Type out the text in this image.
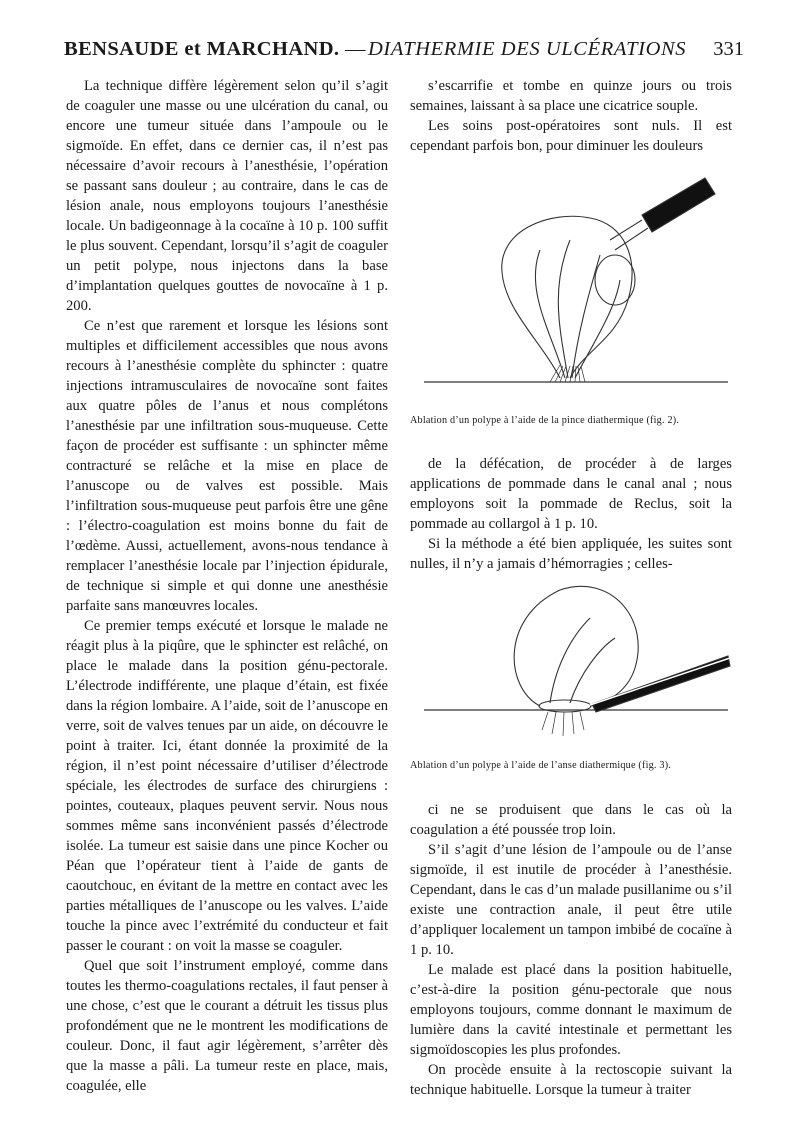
BENSAUDE et MARCHAND. — DIATHERMIE DES ULCÉRATIONS 331

La technique diffère légèrement selon qu’il s’agit de coaguler une masse ou une ulcération du canal, ou encore une tumeur située dans l’ampoule ou le sigmoïde. En effet, dans ce dernier cas, il n’est pas nécessaire d’avoir recours à l’anesthésie, l’opération se passant sans douleur ; au contraire, dans le cas de lésion anale, nous employons toujours l’anesthésie locale. Un badigeonnage à la cocaïne à 10 p. 100 suffit le plus souvent. Cependant, lorsqu’il s’agit de coaguler un petit polype, nous injectons dans la base d’implantation quelques gouttes de novocaïne à 1 p. 200.

Ce n’est que rarement et lorsque les lésions sont multiples et difficilement accessibles que nous avons recours à l’anesthésie complète du sphincter : quatre injections intramusculaires de novocaïne sont faites aux quatre pôles de l’anus et nous complétons l’anesthésie par une infiltration sous-muqueuse. Cette façon de procéder est suffisante : un sphincter même contracturé se relâche et la mise en place de l’anuscope ou de valves est possible. Mais l’infiltration sous-muqueuse peut parfois être une gêne : l’électro-coagulation est moins bonne du fait de l’œdème. Aussi, actuellement, avons-nous tendance à remplacer l’anesthésie locale par l’injection épidurale, de technique si simple et qui donne une anesthésie parfaite sans manœuvres locales.

Ce premier temps exécuté et lorsque le malade ne réagit plus à la piqûre, que le sphincter est relâché, on place le malade dans la position génu-pectorale. L’électrode indifférente, une plaque d’étain, est fixée dans la région lombaire. A l’aide, soit de l’anuscope en verre, soit de valves tenues par un aide, on découvre le point à traiter. Ici, étant donnée la proximité de la région, il n’est point nécessaire d’utiliser d’électrode spéciale, les électrodes de surface des chirurgiens : pointes, couteaux, plaques peuvent servir. Nous nous sommes même sans inconvénient passés d’électrode isolée. La tumeur est saisie dans une pince Kocher ou Péan que l’opérateur tient à l’aide de gants de caoutchouc, en évitant de la mettre en contact avec les parties métalliques de l’anuscope ou les valves. L’aide touche la pince avec l’extrémité du conducteur et fait passer le courant : on voit la masse se coaguler.

Quel que soit l’instrument employé, comme dans toutes les thermo-coagulations rectales, il faut penser à une chose, c’est que le courant a détruit les tissus plus profondément que ne le montrent les modifications de couleur. Donc, il faut agir légèrement, s’arrêter dès que la masse a pâli. La tumeur reste en place, mais, coagulée, elle

s’escarrifie et tombe en quinze jours ou trois semaines, laissant à sa place une cicatrice souple.

Les soins post-opératoires sont nuls. Il est cependant parfois bon, pour diminuer les douleurs

Ablation d’un polype à l’aide de la pince diathermique (fig. 2).

de la défécation, de procéder à de larges applications de pommade dans le canal anal ; nous employons soit la pommade de Reclus, soit la pommade au collargol à 1 p. 10.

Si la méthode a été bien appliquée, les suites sont nulles, il n’y a jamais d’hémorragies ; celles-

Ablation d’un polype à l’aide de l’anse diathermique (fig. 3).

ci ne se produisent que dans le cas où la coagulation a été poussée trop loin.

S’il s’agit d’une lésion de l’ampoule ou de l’anse sigmoïde, il est inutile de procéder à l’anesthésie. Cependant, dans le cas d’un malade pusillanime ou s’il existe une contraction anale, il peut être utile d’appliquer localement un tampon imbibé de cocaïne à 1 p. 10.

Le malade est placé dans la position habituelle, c’est-à-dire la position génu-pectorale que nous employons toujours, comme donnant le maximum de lumière dans la cavité intestinale et permettant les sigmoïdoscopies les plus profondes.

On procède ensuite à la rectoscopie suivant la technique habituelle. Lorsque la tumeur à traiter
